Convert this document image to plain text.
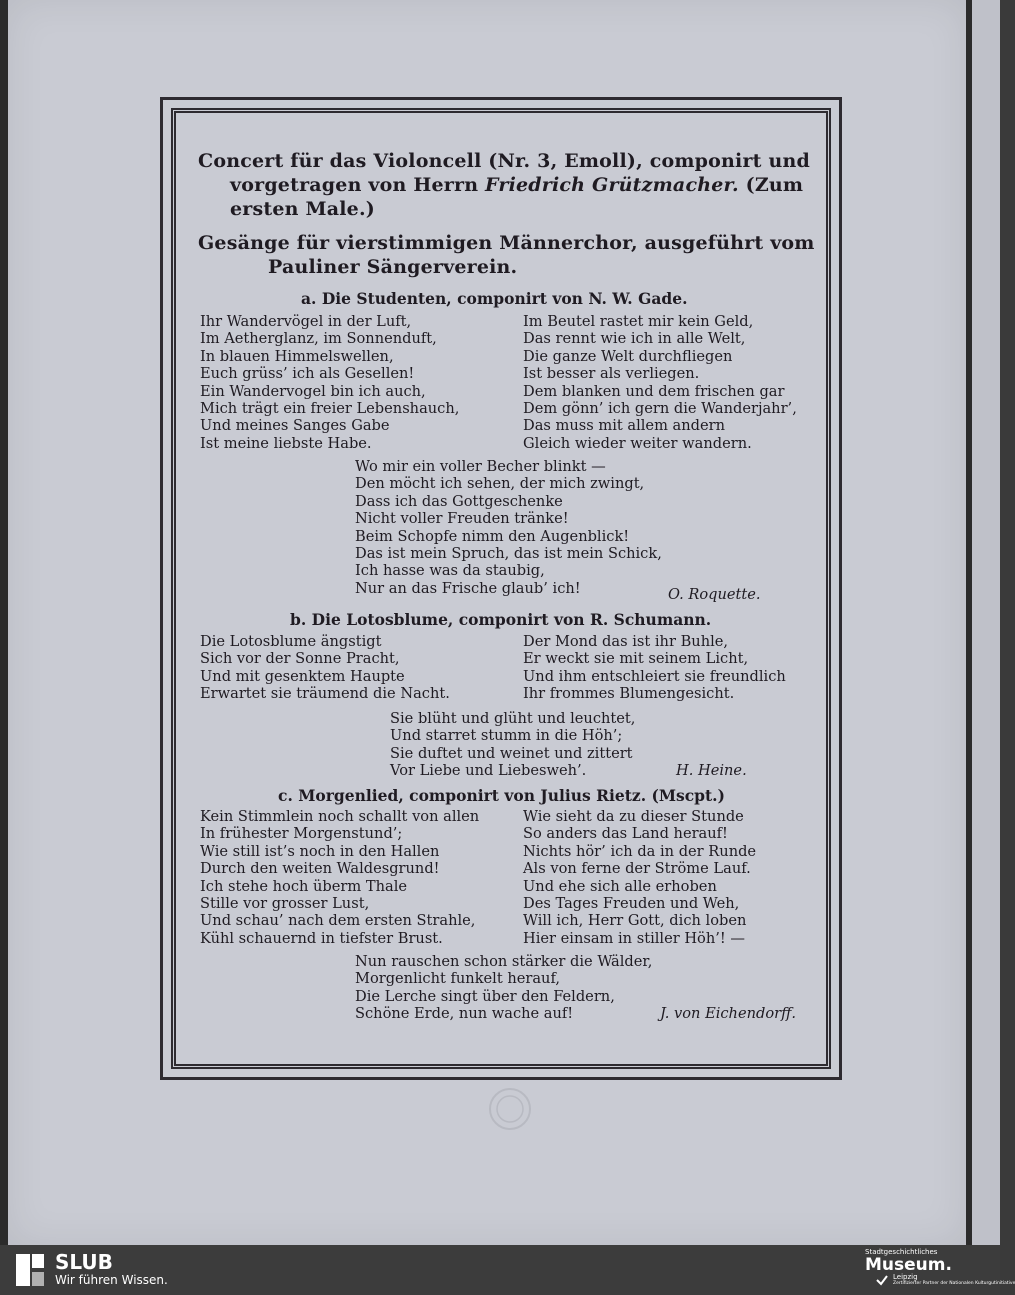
Concert für das Violoncell (Nr. 3, Emoll), componirt und
vorgetragen von Herrn Friedrich Grützmacher. (Zum
ersten Male.)
Gesänge für vierstimmigen Männerchor, ausgeführt vom
Pauliner Sängerverein.
a. Die Studenten, componirt von N. W. Gade.
Ihr Wandervögel in der Luft,
Im Aetherglanz, im Sonnenduft,
In blauen Himmelswellen,
Euch grüss’ ich als Gesellen!
Ein Wandervogel bin ich auch,
Mich trägt ein freier Lebenshauch,
Und meines Sanges Gabe
Ist meine liebste Habe.
Im Beutel rastet mir kein Geld,
Das rennt wie ich in alle Welt,
Die ganze Welt durchfliegen
Ist besser als verliegen.
Dem blanken und dem frischen gar
Dem gönn’ ich gern die Wanderjahr’,
Das muss mit allem andern
Gleich wieder weiter wandern.
Wo mir ein voller Becher blinkt —
Den möcht ich sehen, der mich zwingt,
Dass ich das Gottgeschenke
Nicht voller Freuden tränke!
Beim Schopfe nimm den Augenblick!
Das ist mein Spruch, das ist mein Schick,
Ich hasse was da staubig,
Nur an das Frische glaub’ ich!	O. Roquette.
b. Die Lotosblume, componirt von R. Schumann.
Die Lotosblume ängstigt
Sich vor der Sonne Pracht,
Und mit gesenktem Haupte
Erwartet sie träumend die Nacht.
Der Mond das ist ihr Buhle,
Er weckt sie mit seinem Licht,
Und ihm entschleiert sie freundlich
Ihr frommes Blumengesicht.
Sie blüht und glüht und leuchtet,
Und starret stumm in die Höh’;
Sie duftet und weinet und zittert
Vor Liebe und Liebesweh’.	H. Heine.
c. Morgenlied, componirt von Julius Rietz. (Mscpt.)
Kein Stimmlein noch schallt von allen
In frühester Morgenstund’;
Wie still ist’s noch in den Hallen
Durch den weiten Waldesgrund!
Ich stehe hoch überm Thale
Stille vor grosser Lust,
Und schau’ nach dem ersten Strahle,
Kühl schauernd in tiefster Brust.
Wie sieht da zu dieser Stunde
So anders das Land herauf!
Nichts hör’ ich da in der Runde
Als von ferne der Ströme Lauf.
Und ehe sich alle erhoben
Des Tages Freuden und Weh,
Will ich, Herr Gott, dich loben
Hier einsam in stiller Höh’! —
Nun rauschen schon stärker die Wälder,
Morgenlicht funkelt herauf,
Die Lerche singt über den Feldern,
Schöne Erde, nun wache auf!	J. von Eichendorff.
SLUB
Wir führen Wissen.
Stadtgeschichtliches
Museum.
Leipzig
Zertifizierter Partner der Nationalen Kulturgutinitiative
